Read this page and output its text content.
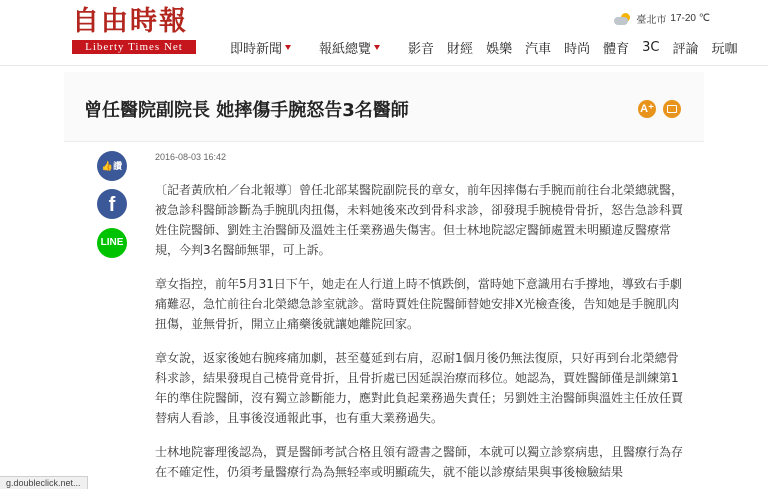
自由時報
Liberty Times Net
臺北市 17-20 ℃
即時新聞	報紙總覽	影音 財經 娛樂 汽車 時尚 體育 3C 評論 玩咖
曾任醫院副院長 她摔傷手腕怒告3名醫師	A⁺
👍讚
f
LINE
2016-08-03 16:42

〔記者黃欣柏／台北報導〕曾任北部某醫院副院長的章女，前年因摔傷右手腕而前往台北榮總就醫，被急診科醫師診斷為手腕肌肉扭傷，未料她後來改到骨科求診，卻發現手腕橈骨骨折，怒告急診科賈姓住院醫師、劉姓主治醫師及溫姓主任業務過失傷害。但士林地院認定醫師處置未明顯違反醫療常規，今判3名醫師無罪，可上訴。

章女指控，前年5月31日下午，她走在人行道上時不慎跌倒，當時她下意識用右手撐地，導致右手劇痛難忍，急忙前往台北榮總急診室就診。當時賈姓住院醫師替她安排X光檢查後，告知她是手腕肌肉扭傷，並無骨折，開立止痛藥後就讓她離院回家。

章女說，返家後她右腕疼痛加劇，甚至蔓延到右肩，忍耐1個月後仍無法復原，只好再到台北榮總骨科求診，結果發現自己橈骨竟骨折，且骨折處已因延誤治療而移位。她認為，賈姓醫師僅是訓練第1年的準住院醫師，沒有獨立診斷能力，應對此負起業務過失責任；另劉姓主治醫師與溫姓主任放任賈替病人看診，且事後沒通報此事，也有重大業務過失。

士林地院審理後認為，賈是醫師考試合格且領有證書之醫師，本就可以獨立診察病患，且醫療行為存在不確定性，仍須考量醫療行為為無轻率或明顯疏失，就不能以診療結果與事後檢驗結果

g.doubleclick.net...
